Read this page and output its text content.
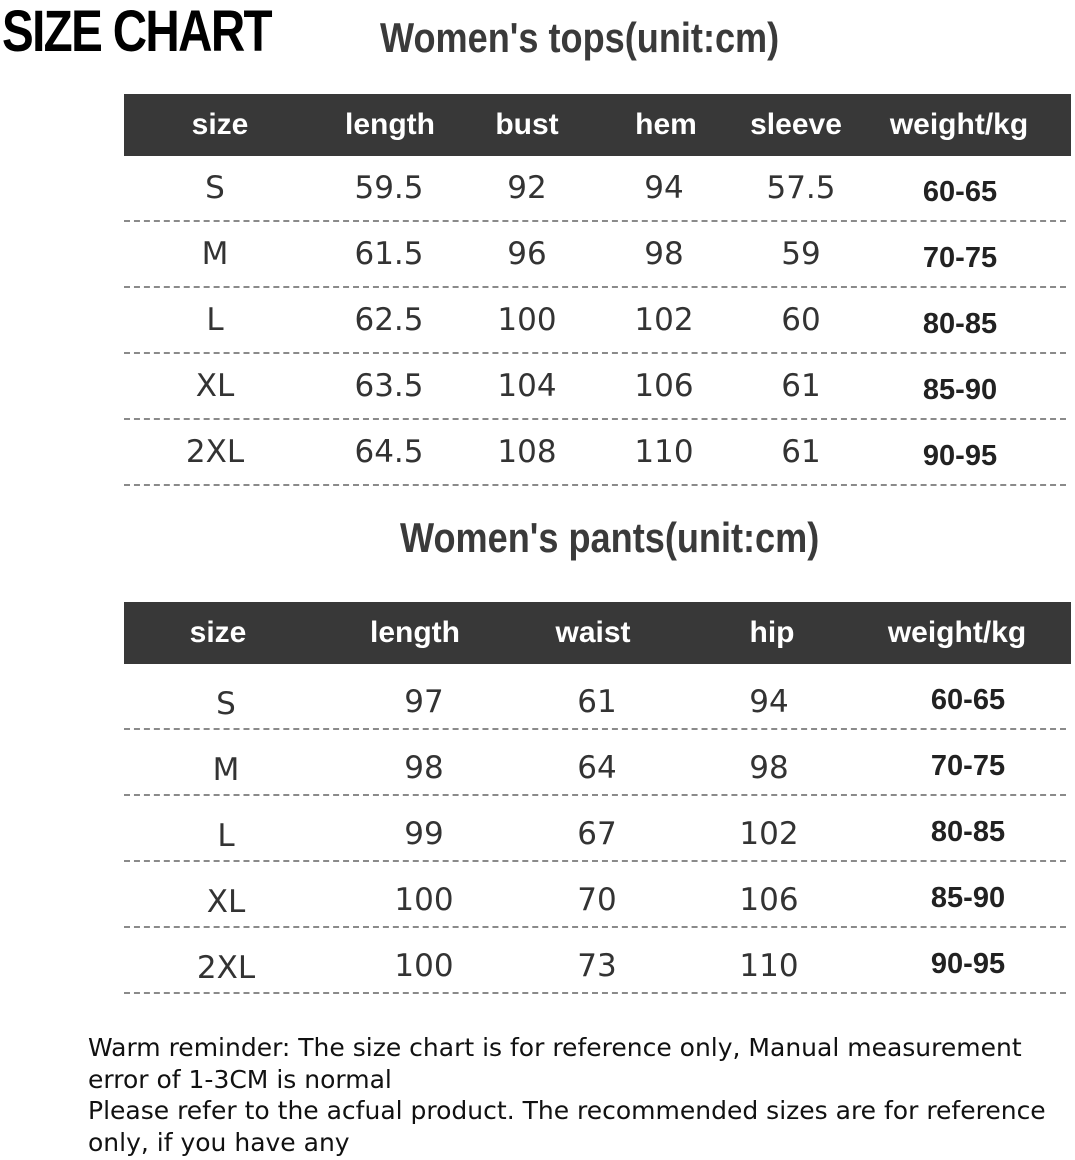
SIZE CHART	Women's tops(unit:cm)
size	length bust	hem sleeve weight/kg
S	59.5	92	94	57.5	60-65
M	61.5	96	98	59	70-75
L	62.5 100	102	60	80-85
XL	63.5 104	106	61	85-90
2XL	64.5 108	110	61	90-95
Women's pants(unit:cm)
size	length	waist	hip	weight/kg
S	97	61	94	60-65
M	98	64	98	70-75
L	99	67	102	80-85
XL	100	70	106	85-90
2XL	100	73	110	90-95

Warm reminder: The size chart is for reference only, Manual measurement error of 1-3CM is normal

Please refer to the acfual product. The recommended sizes are for reference only, if you have any
